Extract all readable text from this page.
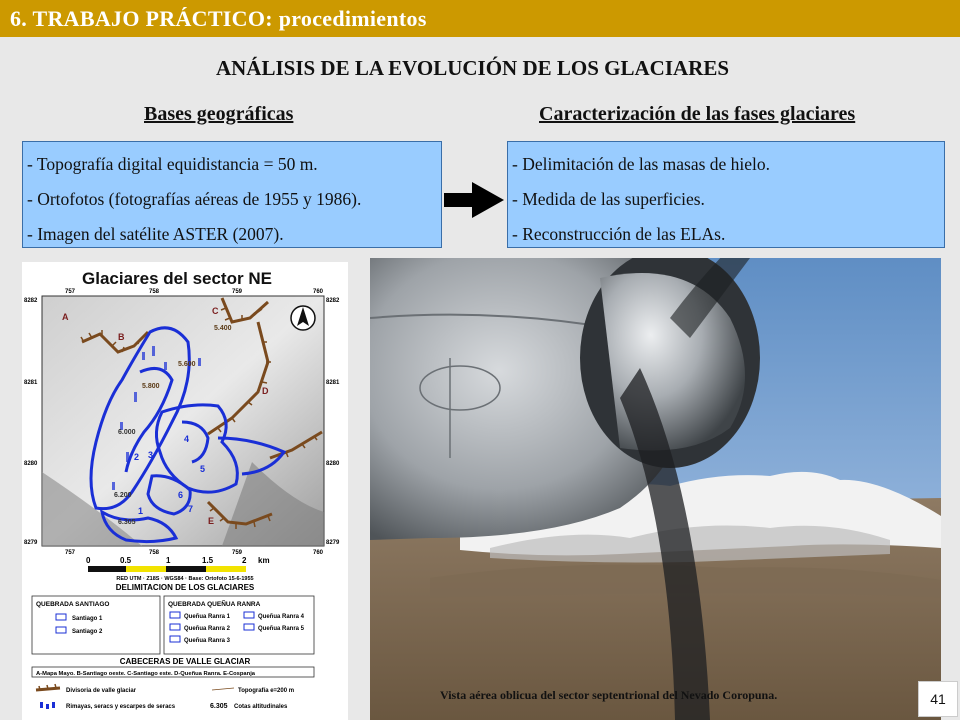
6. TRABAJO PRÁCTICO: procedimientos
ANÁLISIS DE LA EVOLUCIÓN DE LOS GLACIARES
Bases geográficas	Caracterización de las fases glaciares

- Topografía digital equidistancia = 50 m.

- Ortofotos (fotografías aéreas de 1955 y 1986).

- Imagen del satélite ASTER (2007).

- Delimitación de las masas de hielo.

- Medida de las superficies.

- Reconstrucción de las ELAs.

Glaciares del sector NE
757	758	759	760
8282
8281
8280
8279
8282
8281
8280
8279
A
B
C
D
E
1
2 3
4
5
6
7
5.400
5.600
5.800
6.000
6.200
6.305
757	758	759	760
0	0.5	1	1.5	2 km
RED UTM · Z18S · WGS84 · Base: Ortofoto 15-6-1955
DELIMITACION DE LOS GLACIARES
QUEBRADA SANTIAGO	QUEBRADA QUEÑUA RANRA
Santiago 1
Santiago 2
Queñua Ranra 1
Queñua Ranra 2
Queñua Ranra 3
Queñua Ranra 4
Queñua Ranra 5
CABECERAS DE VALLE GLACIAR
A-Mapa Mayo. B-Santiago oeste. C-Santiago este. D-Queñua Ranra. E-Cospanja
Divisoria de valle glaciar	Topografía e=200 m
Rimayas, seracs y escarpes de seracs	6.305 Cotas altitudinales
Vista aérea oblicua del sector septentrional del Nevado Coropuna.	41
